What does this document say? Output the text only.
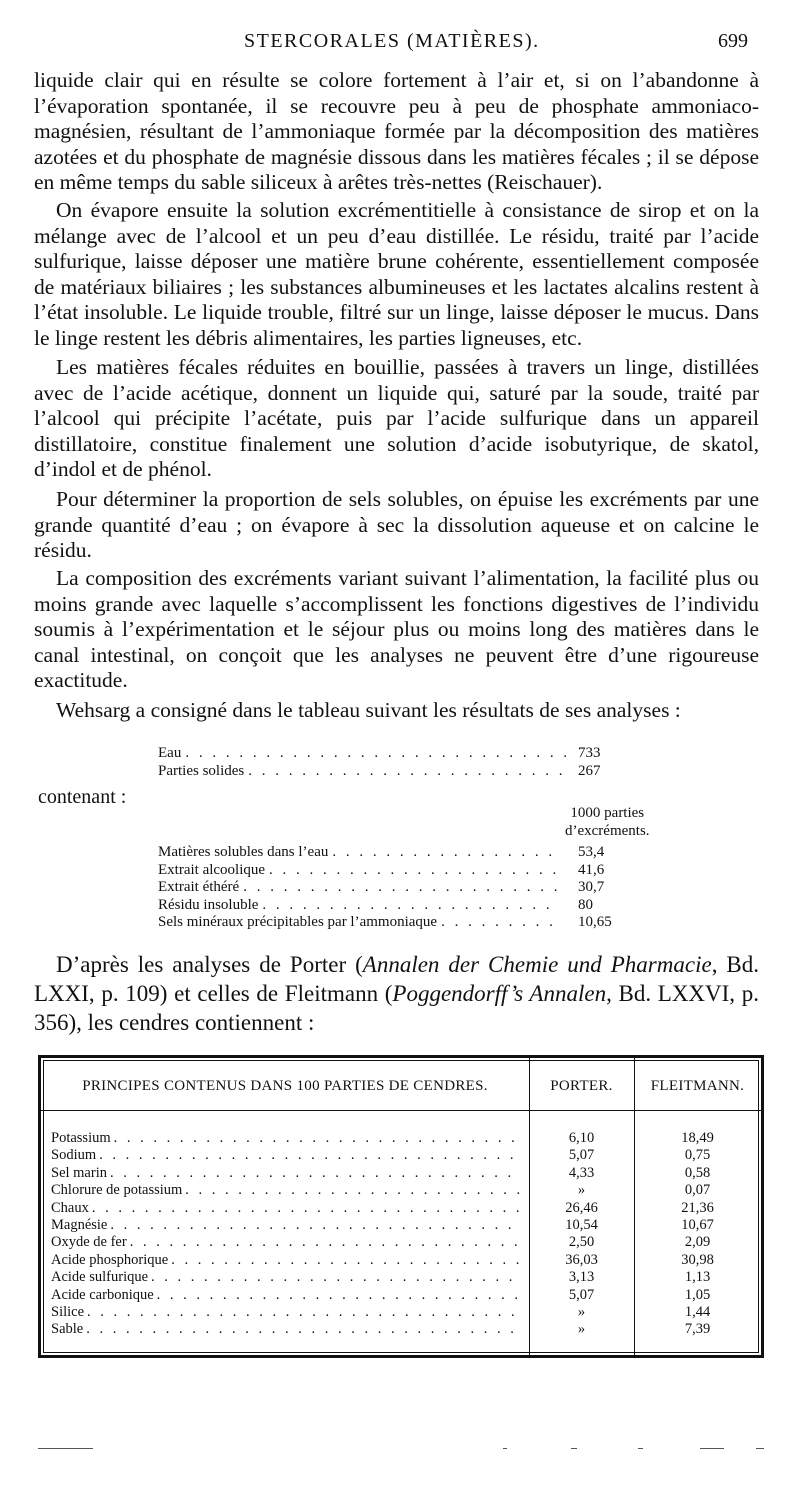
STERCORALES (MATIÈRES).	699

liquide clair qui en résulte se colore fortement à l’air et, si on l’abandonne à l’évaporation spontanée, il se recouvre peu à peu de phosphate ammoniaco-magnésien, résultant de l’ammoniaque formée par la décomposition des matières azotées et du phosphate de magnésie dissous dans les matières fécales ; il se dépose en même temps du sable siliceux à arêtes très-nettes (Reischauer).

On évapore ensuite la solution excrémentitielle à consistance de sirop et on la mélange avec de l’alcool et un peu d’eau distillée. Le résidu, traité par l’acide sulfurique, laisse déposer une matière brune cohérente, essentiellement composée de matériaux biliaires ; les substances albumineuses et les lactates alcalins restent à l’état insoluble. Le liquide trouble, filtré sur un linge, laisse déposer le mucus. Dans le linge restent les débris alimentaires, les parties ligneuses, etc.

Les matières fécales réduites en bouillie, passées à travers un linge, distillées avec de l’acide acétique, donnent un liquide qui, saturé par la soude, traité par l’alcool qui précipite l’acétate, puis par l’acide sulfurique dans un appareil distillatoire, constitue finalement une solution d’acide isobutyrique, de skatol, d’indol et de phénol.

Pour déterminer la proportion de sels solubles, on épuise les excréments par une grande quantité d’eau ; on évapore à sec la dissolution aqueuse et on calcine le résidu.

La composition des excréments variant suivant l’alimentation, la facilité plus ou moins grande avec laquelle s’accomplissent les fonctions digestives de l’individu soumis à l’expérimentation et le séjour plus ou moins long des matières dans le canal intestinal, on conçoit que les analyses ne peuvent être d’une rigoureuse exactitude.

Wehsarg a consigné dans le tableau suivant les résultats de ses analyses :

Eau . . .	733
Parties solides . . .	267
contenant :
1000 parties
d’excréments.
Matières solubles dans l’eau . . .	53,4
Extrait alcoolique . . .	41,6
Extrait éthéré . . .	30,7
Résidu insoluble . . .	80
Sels minéraux précipitables par l’ammoniaque . . .	10,65

D’après les analyses de Porter (Annalen der Chemie und Pharmacie, Bd. LXXI, p. 109) et celles de Fleitmann (Poggendorff’s Annalen, Bd. LXXVI, p. 356), les cendres contiennent :

PRINCIPES CONTENUS DANS 100 PARTIES DE CENDRES.	PORTER.	FLEITMANN.
Potassium . . .	6,10	18,49
Sodium . . .	5,07	0,75
Sel marin . . .	4,33	0,58
Chlorure de potassium . . .	»	0,07
Chaux . . .	26,46	21,36
Magnésie . . .	10,54	10,67
Oxyde de fer . . .	2,50	2,09
Acide phosphorique . . .	36,03	30,98
Acide sulfurique . . .	3,13	1,13
Acide carbonique . . .	5,07	1,05
Silice . . .	»	1,44
Sable . . .	»	7,39
